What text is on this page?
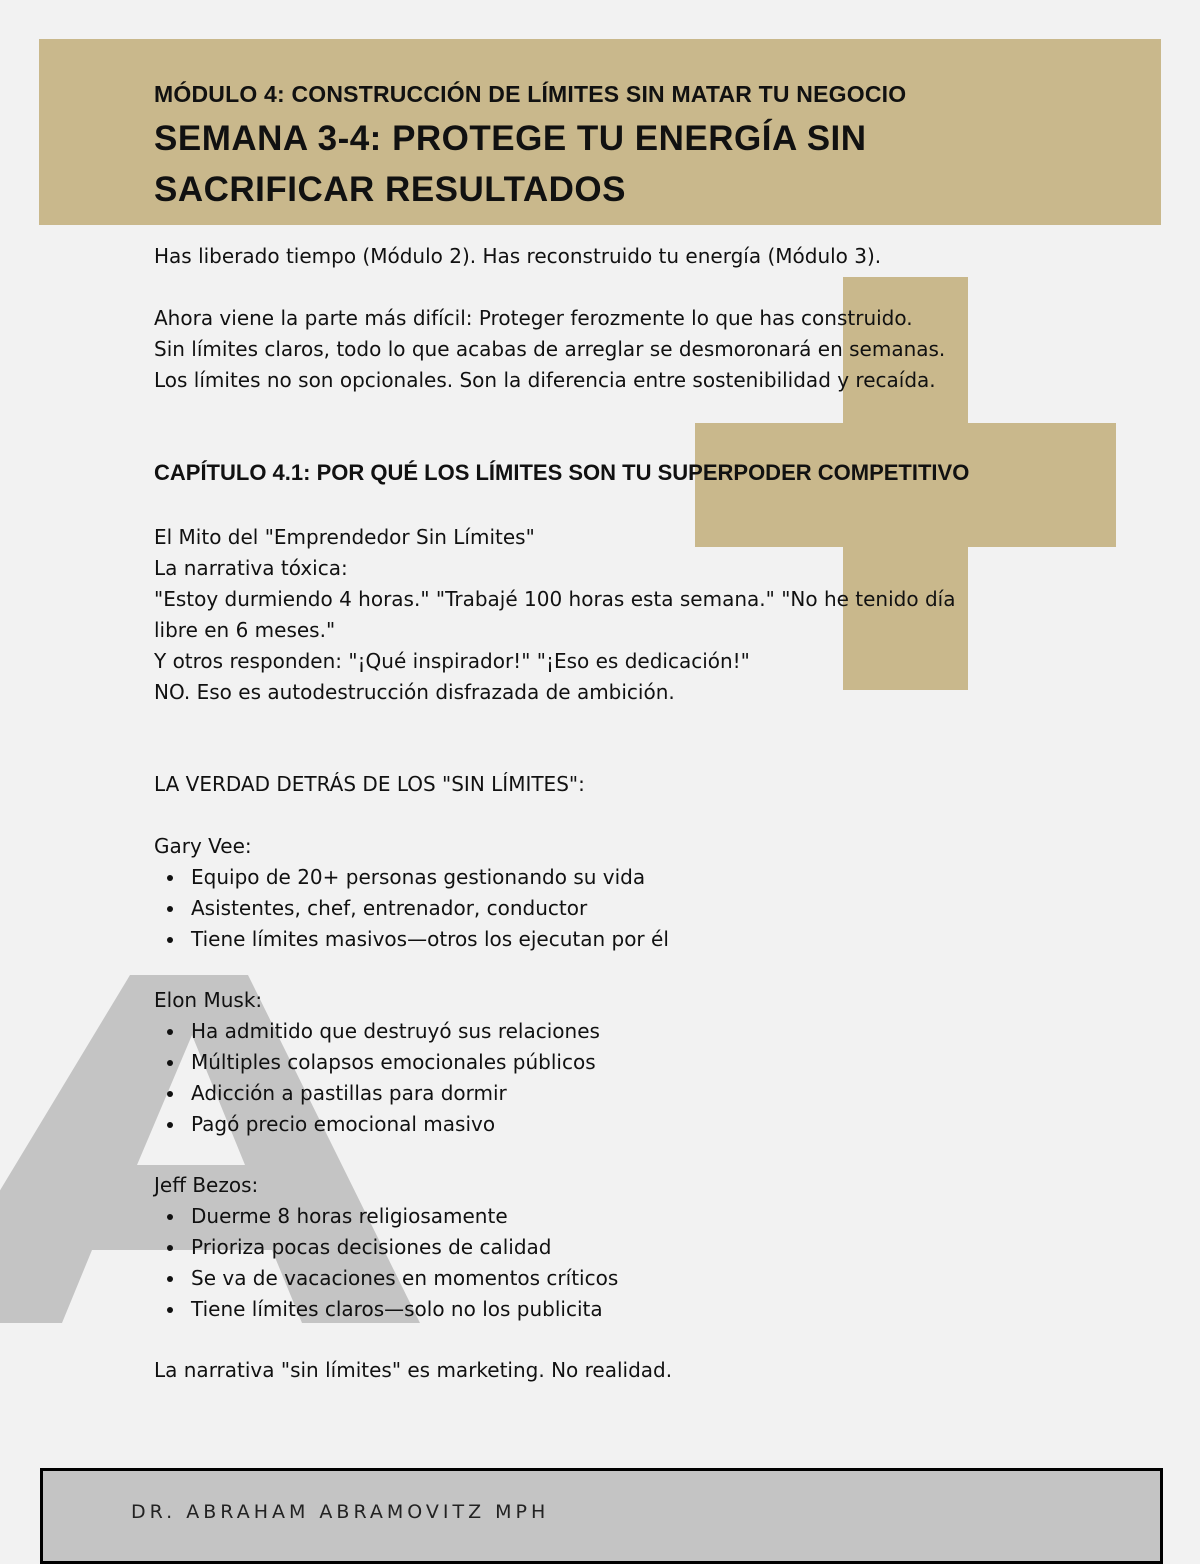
MÓDULO 4: CONSTRUCCIÓN DE LÍMITES SIN MATAR TU NEGOCIO
SEMANA 3-4: PROTEGE TU ENERGÍA SIN
SACRIFICAR RESULTADOS
Has liberado tiempo (Módulo 2). Has reconstruido tu energía (Módulo 3).
Ahora viene la parte más difícil: Proteger ferozmente lo que has construido.
Sin límites claros, todo lo que acabas de arreglar se desmoronará en semanas.
Los límites no son opcionales. Son la diferencia entre sostenibilidad y recaída.
CAPÍTULO 4.1: POR QUÉ LOS LÍMITES SON TU SUPERPODER COMPETITIVO
El Mito del "Emprendedor Sin Límites"
La narrativa tóxica:
"Estoy durmiendo 4 horas." "Trabajé 100 horas esta semana." "No he tenido día
libre en 6 meses."
Y otros responden: "¡Qué inspirador!" "¡Eso es dedicación!"
NO. Eso es autodestrucción disfrazada de ambición.
LA VERDAD DETRÁS DE LOS "SIN LÍMITES":
Gary Vee:
Equipo de 20+ personas gestionando su vida
Asistentes, chef, entrenador, conductor
Tiene límites masivos—otros los ejecutan por él
Elon Musk:
Ha admitido que destruyó sus relaciones
Múltiples colapsos emocionales públicos
Adicción a pastillas para dormir
Pagó precio emocional masivo
Jeff Bezos:
Duerme 8 horas religiosamente
Prioriza pocas decisiones de calidad
Se va de vacaciones en momentos críticos
Tiene límites claros—solo no los publicita
La narrativa "sin límites" es marketing. No realidad.
DR. ABRAHAM ABRAMOVITZ MPH
